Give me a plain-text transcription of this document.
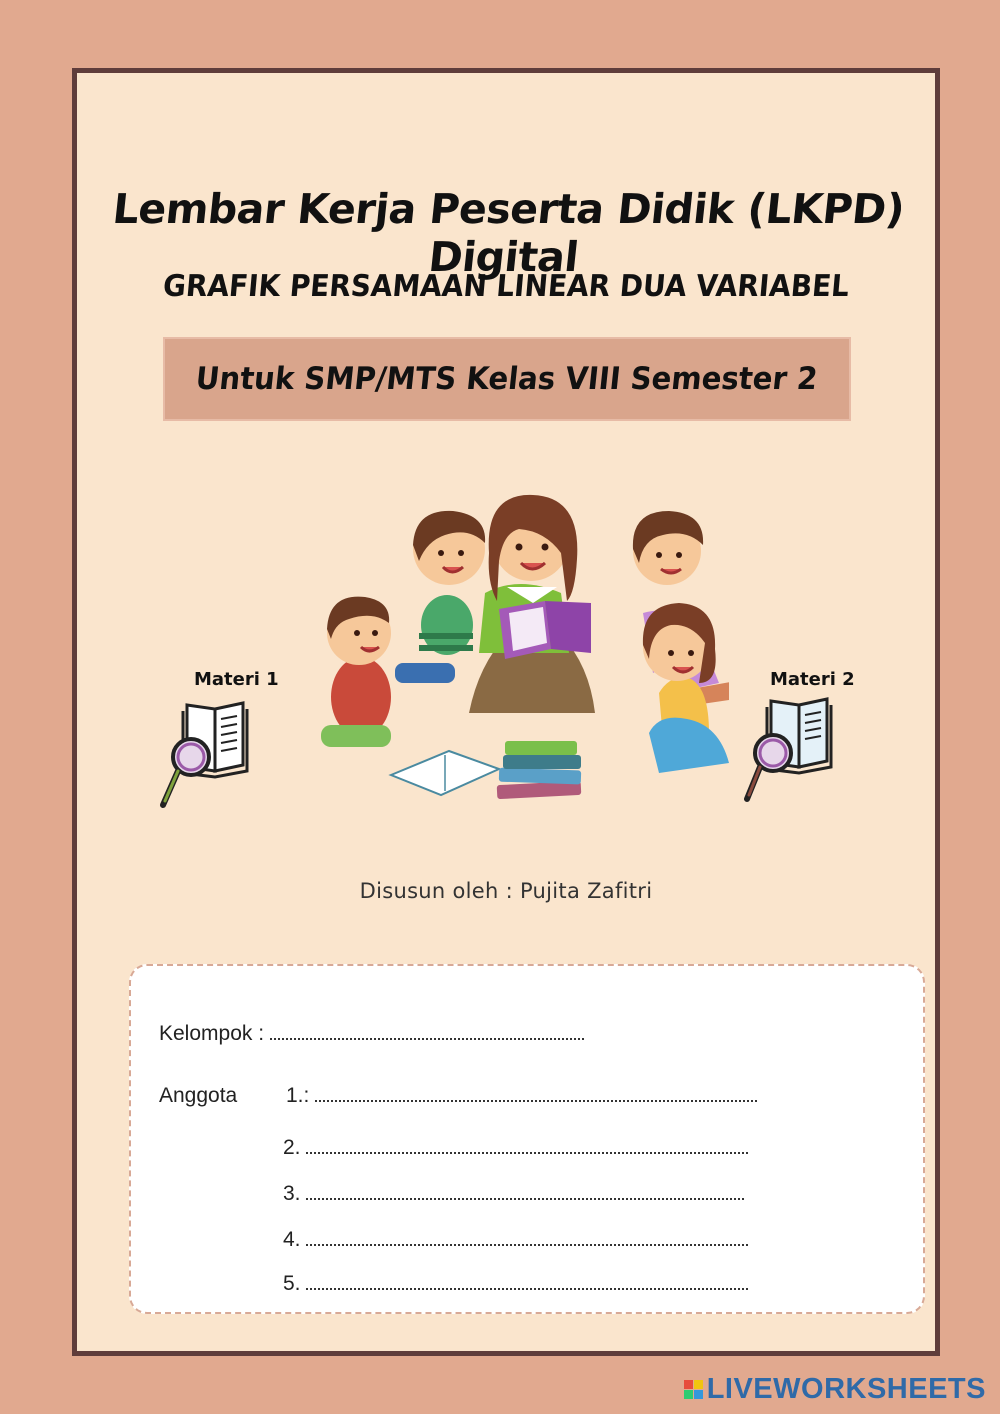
Lembar Kerja Peserta Didik (LKPD) Digital
GRAFIK PERSAMAAN LINEAR DUA VARIABEL
Untuk SMP/MTS Kelas VIII Semester 2
Materi 1	Materi 2
Disusun oleh : Pujita Zafitri
Kelompok :
Anggota 1.:
2.
3.
4.
5.
LIVEWORKSHEETS
